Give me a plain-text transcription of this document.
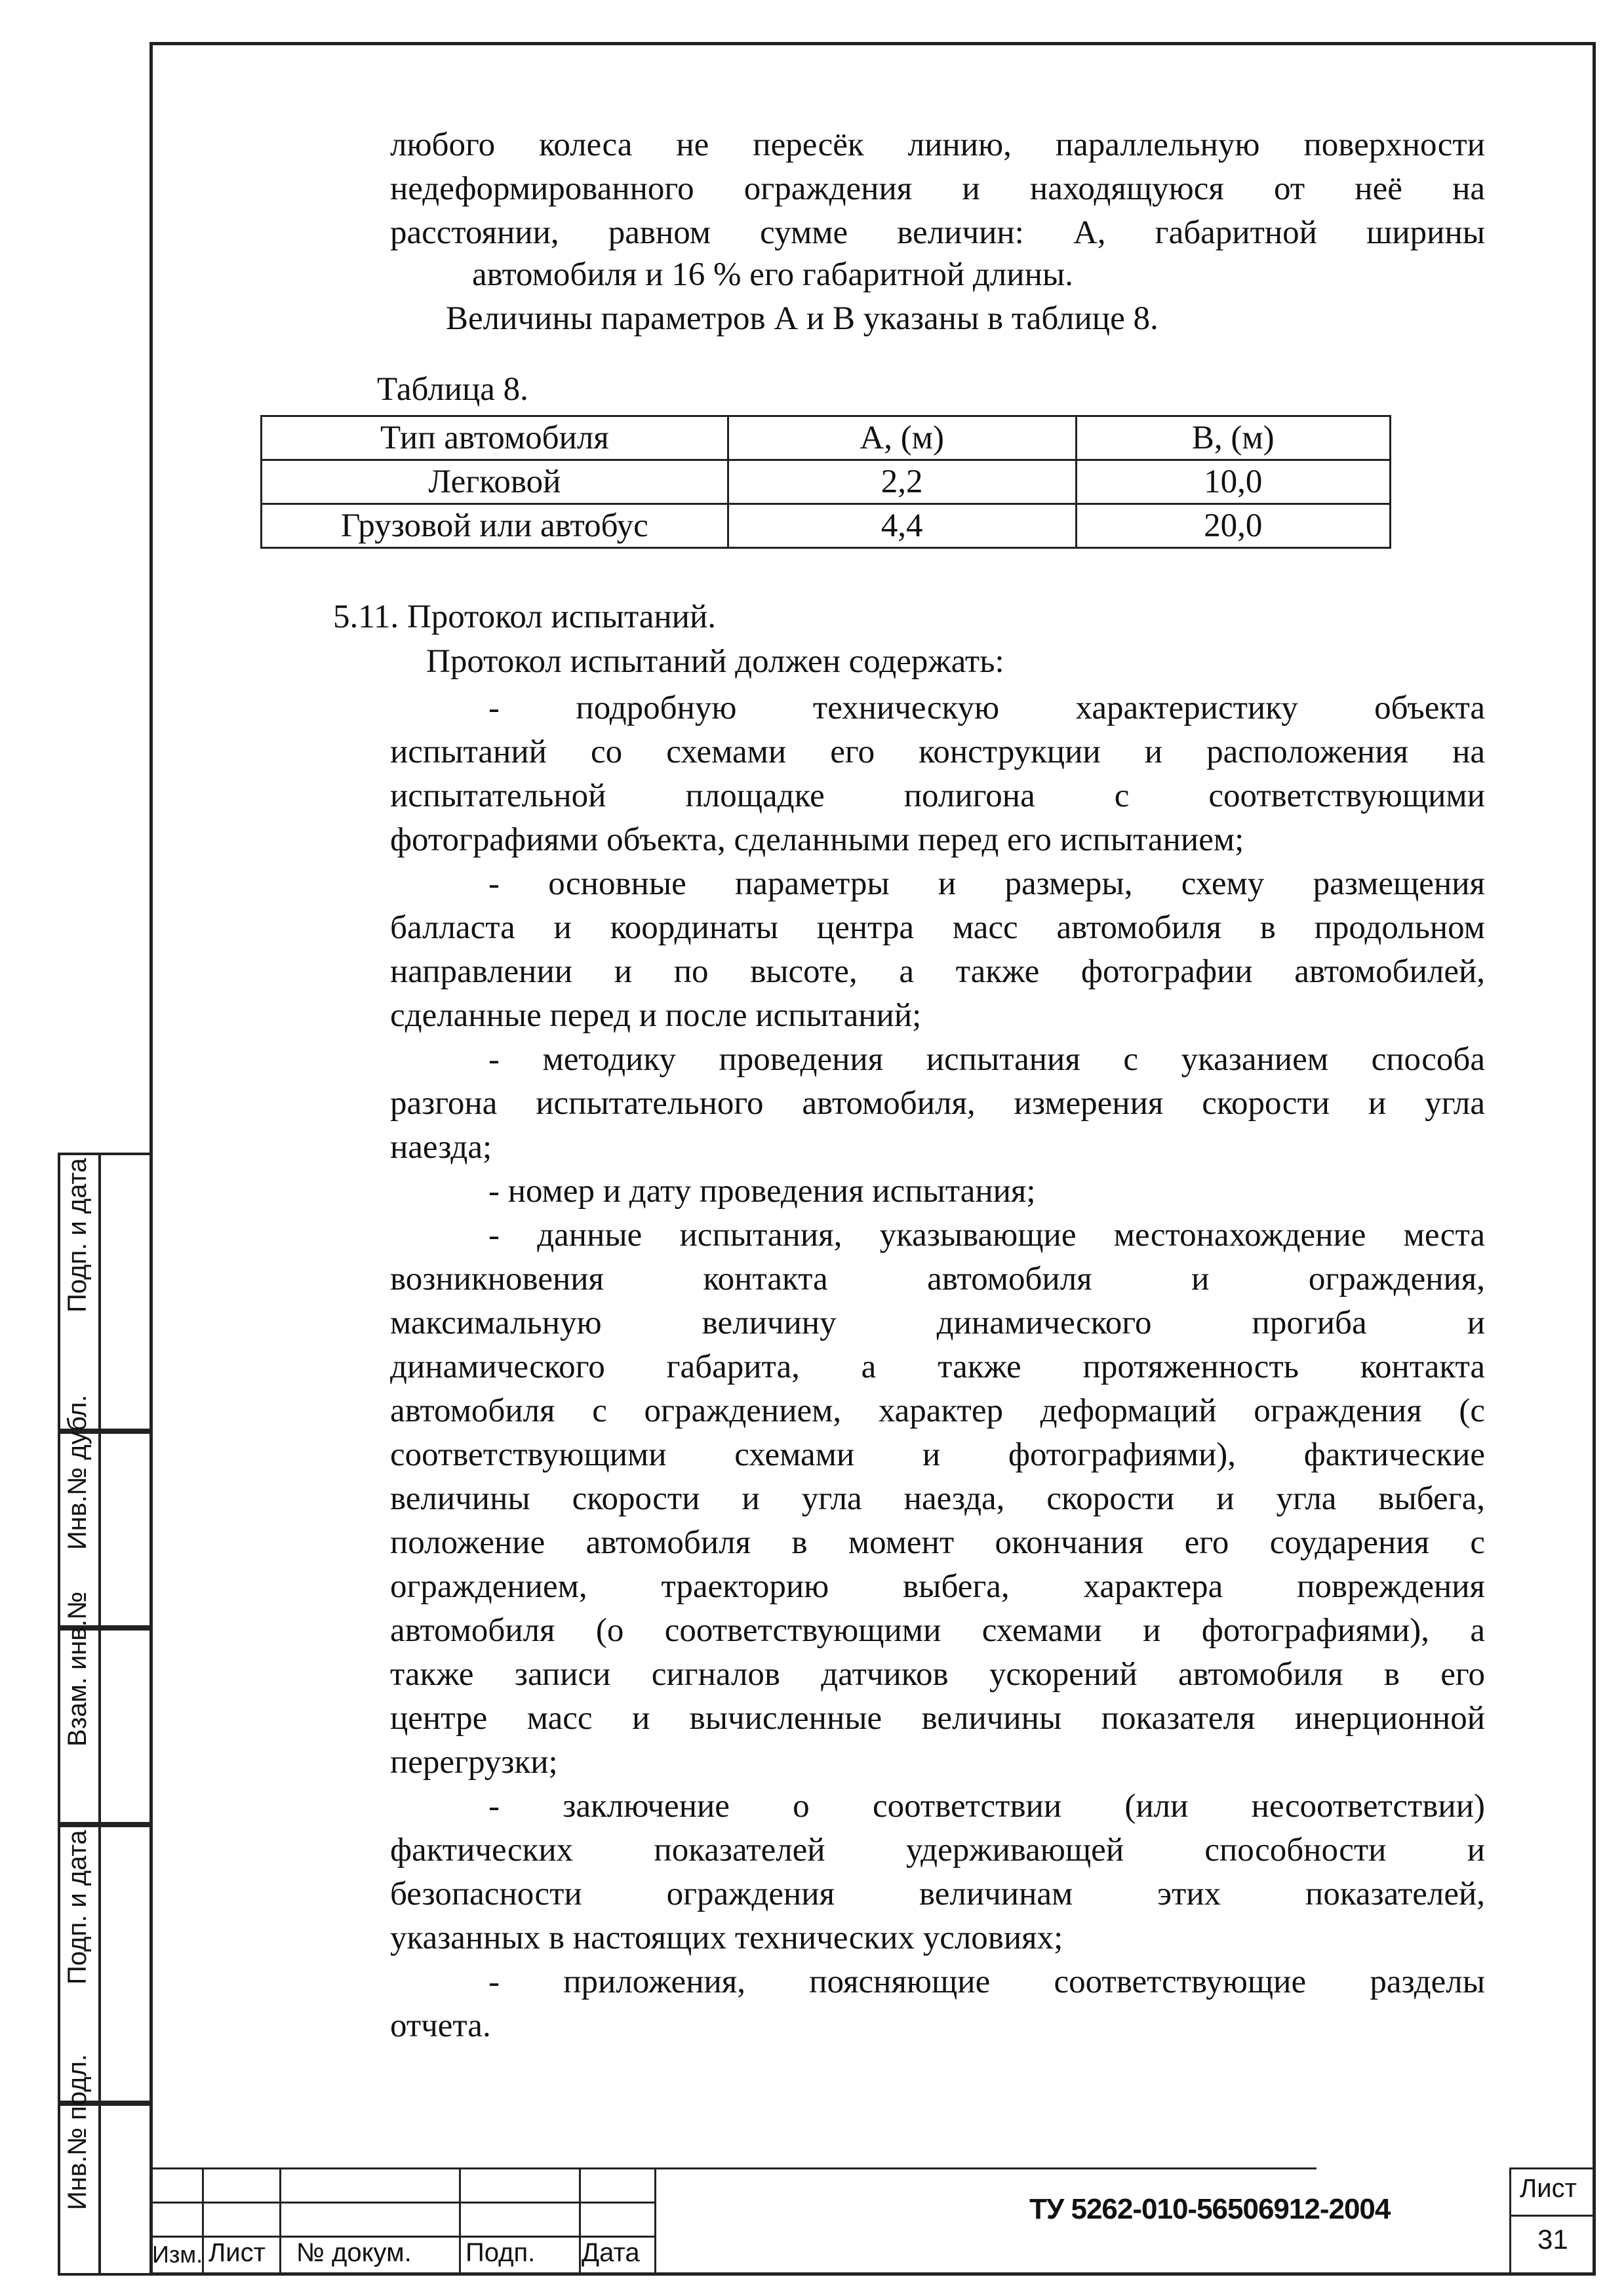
любого колеса не пересёк линию, параллельную поверхности
недеформированного ограждения и находящуюся от неё на
расстоянии, равном сумме величин: А, габаритной ширины
автомобиля и 16 % его габаритной длины.
Величины параметров А и В указаны в таблице 8.
Таблица 8.
Тип автомобиля	А, (м)	В, (м)
Легковой	2,2	10,0
Грузовой или автобус	4,4	20,0
5.11. Протокол испытаний.
Протокол испытаний должен содержать:
- подробную техническую характеристику объекта
испытаний со схемами его конструкции и расположения на
испытательной площадке полигона с соответствующими
фотографиями объекта, сделанными перед его испытанием;
- основные параметры и размеры, схему размещения
балласта и координаты центра масс автомобиля в продольном
направлении и по высоте, а также фотографии автомобилей,
сделанные перед и после испытаний;
- методику проведения испытания с указанием способа
разгона испытательного автомобиля, измерения скорости и угла
наезда;
- номер и дату проведения испытания;
- данные испытания, указывающие местонахождение места
возникновения контакта автомобиля и ограждения,
максимальную величину динамического прогиба и
динамического габарита, а также протяженность контакта
автомобиля с ограждением, характер деформаций ограждения (с
соответствующими схемами и фотографиями), фактические
величины скорости и угла наезда, скорости и угла выбега,
положение автомобиля в момент окончания его соударения с
ограждением, траекторию выбега, характера повреждения
автомобиля (о соответствующими схемами и фотографиями), а
также записи сигналов датчиков ускорений автомобиля в его
центре масс и вычисленные величины показателя инерционной
перегрузки;
- заключение о соответствии (или несоответствии)
фактических показателей удерживающей способности и
безопасности ограждения величинам этих показателей,
указанных в настоящих технических условиях;
- приложения, поясняющие соответствующие разделы
отчета.
Подп. и дата
Инв.№ дубл.
Взам. инв.№
Подп. и дата
Инв.№ подл.
Изм. Лист № докум. Подп. Дата
ТУ 5262-010-56506912-2004
Лист
31
